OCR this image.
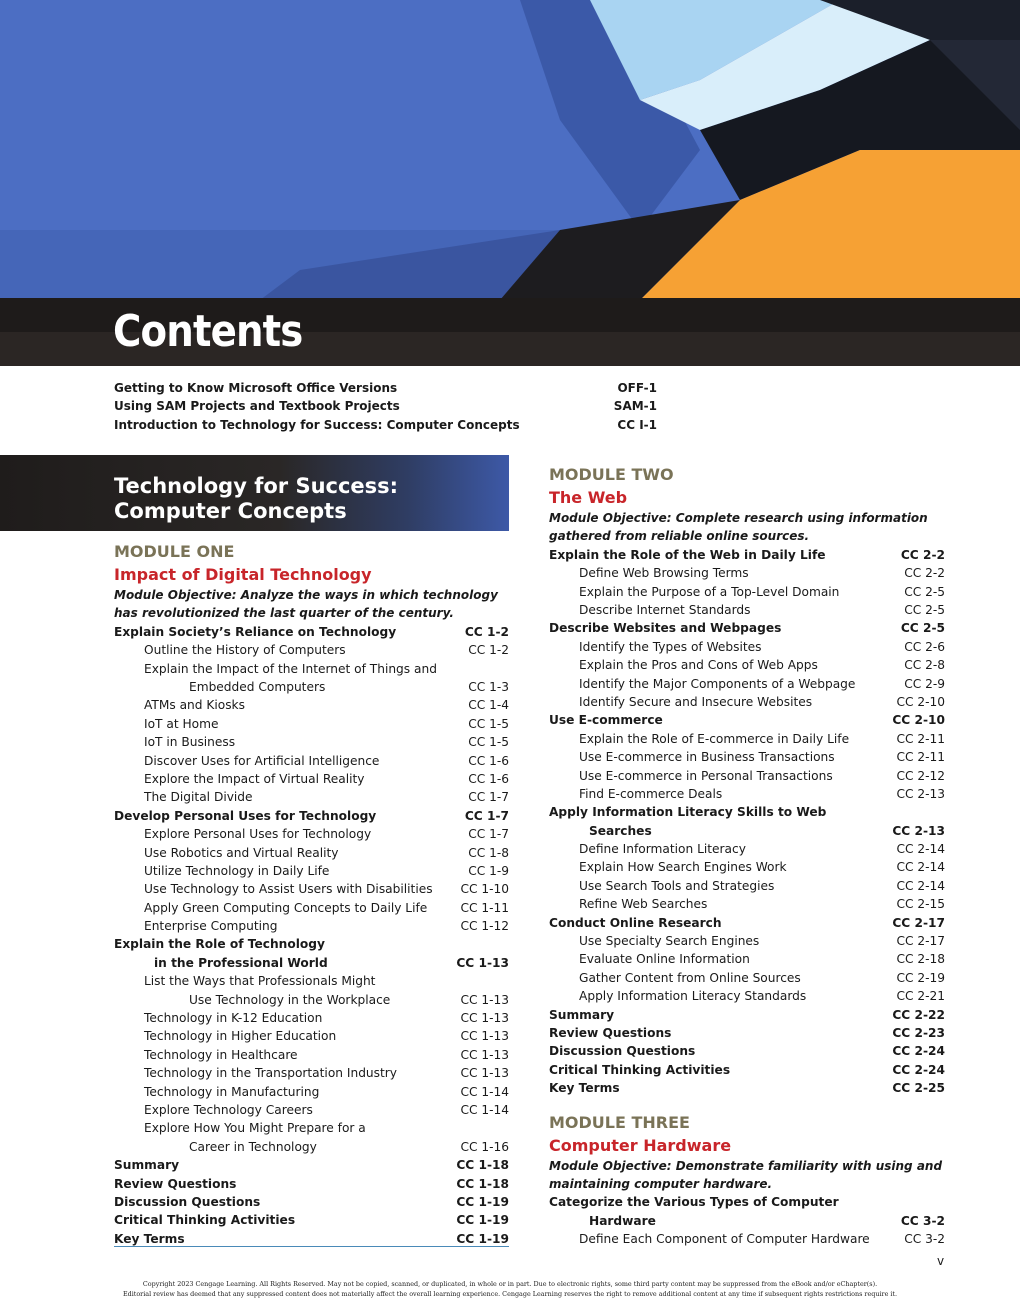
Contents
Getting to Know Microsoft Office Versions	OFF-1
Using SAM Projects and Textbook Projects	SAM-1
Introduction to Technology for Success: Computer Concepts	CC I-1
Technology for Success:
Computer Concepts
MODULE ONE
Impact of Digital Technology
Module Objective: Analyze the ways in which technology has revolutionized the last quarter of the century.
Explain Society’s Reliance on Technology	CC 1-2
Outline the History of Computers	CC 1-2
Explain the Impact of the Internet of Things and
Embedded Computers	CC 1-3
ATMs and Kiosks	CC 1-4
IoT at Home	CC 1-5
IoT in Business	CC 1-5
Discover Uses for Artificial Intelligence	CC 1-6
Explore the Impact of Virtual Reality	CC 1-6
The Digital Divide	CC 1-7
Develop Personal Uses for Technology	CC 1-7
Explore Personal Uses for Technology	CC 1-7
Use Robotics and Virtual Reality	CC 1-8
Utilize Technology in Daily Life	CC 1-9
Use Technology to Assist Users with Disabilities CC 1-10
Apply Green Computing Concepts to Daily Life	CC 1-11
Enterprise Computing	CC 1-12
Explain the Role of Technology
in the Professional World	CC 1-13
List the Ways that Professionals Might
Use Technology in the Workplace	CC 1-13
Technology in K-12 Education	CC 1-13
Technology in Higher Education	CC 1-13
Technology in Healthcare	CC 1-13
Technology in the Transportation Industry	CC 1-13
Technology in Manufacturing	CC 1-14
Explore Technology Careers	CC 1-14
Explore How You Might Prepare for a
Career in Technology	CC 1-16
Summary	CC 1-18
Review Questions	CC 1-18
Discussion Questions	CC 1-19
Critical Thinking Activities	CC 1-19
Key Terms	CC 1-19
MODULE TWO
The Web
Module Objective: Complete research using information gathered from reliable online sources.
Explain the Role of the Web in Daily Life	CC 2-2
Define Web Browsing Terms	CC 2-2
Explain the Purpose of a Top-Level Domain	CC 2-5
Describe Internet Standards	CC 2-5
Describe Websites and Webpages	CC 2-5
Identify the Types of Websites	CC 2-6
Explain the Pros and Cons of Web Apps	CC 2-8
Identify the Major Components of a Webpage	CC 2-9
Identify Secure and Insecure Websites	CC 2-10
Use E-commerce	CC 2-10
Explain the Role of E-commerce in Daily Life	CC 2-11
Use E-commerce in Business Transactions	CC 2-11
Use E-commerce in Personal Transactions	CC 2-12
Find E-commerce Deals	CC 2-13
Apply Information Literacy Skills to Web
Searches	CC 2-13
Define Information Literacy	CC 2-14
Explain How Search Engines Work	CC 2-14
Use Search Tools and Strategies	CC 2-14
Refine Web Searches	CC 2-15
Conduct Online Research	CC 2-17
Use Specialty Search Engines	CC 2-17
Evaluate Online Information	CC 2-18
Gather Content from Online Sources	CC 2-19
Apply Information Literacy Standards	CC 2-21
Summary	CC 2-22
Review Questions	CC 2-23
Discussion Questions	CC 2-24
Critical Thinking Activities	CC 2-24
Key Terms	CC 2-25
MODULE THREE
Computer Hardware
Module Objective: Demonstrate familiarity with using and maintaining computer hardware.
Categorize the Various Types of Computer
Hardware	CC 3-2
Define Each Component of Computer Hardware	CC 3-2
v
Copyright 2023 Cengage Learning. All Rights Reserved. May not be copied, scanned, or duplicated, in whole or in part. Due to electronic rights, some third party content may be suppressed from the eBook and/or eChapter(s).
Editorial review has deemed that any suppressed content does not materially affect the overall learning experience. Cengage Learning reserves the right to remove additional content at any time if subsequent rights restrictions require it.
